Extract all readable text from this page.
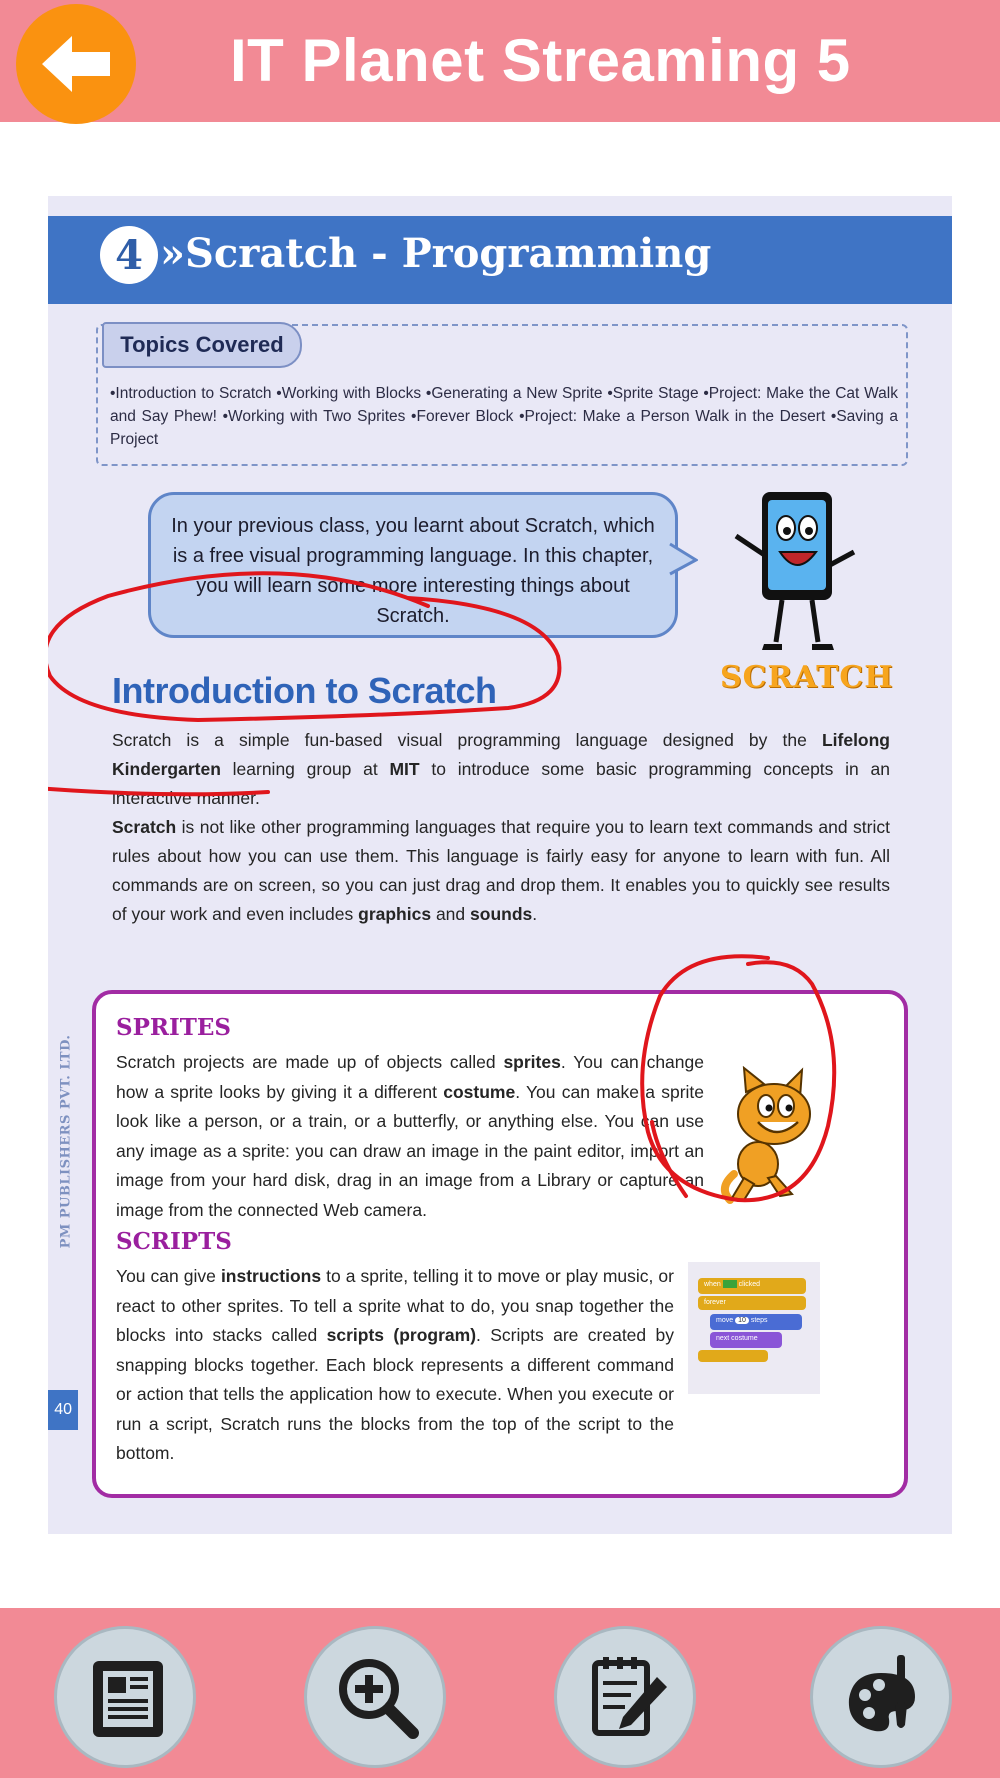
IT Planet Streaming 5
4 »Scratch - Programming
Topics Covered
•Introduction to Scratch •Working with Blocks •Generating a New Sprite •Sprite Stage •Project: Make the Cat Walk and Say Phew! •Working with Two Sprites •Forever Block •Project: Make a Person Walk in the Desert •Saving a Project
In your previous class, you learnt about Scratch, which is a free visual programming language. In this chapter, you will learn some more interesting things about Scratch.
SCRATCH
Introduction to Scratch

Scratch is a simple fun-based visual programming language designed by the Lifelong Kindergarten learning group at MIT to introduce some basic programming concepts in an interactive manner.

Scratch is not like other programming languages that require you to learn text commands and strict rules about how you can use them. This language is fairly easy for anyone to learn with fun. All commands are on screen, so you can just drag and drop them. It enables you to quickly see results of your work and even includes graphics and sounds.

SPRITES
Scratch projects are made up of objects called sprites. You can change how a sprite looks by giving it a different costume. You can make a sprite look like a person, or a train, or a butterfly, or anything else. You can use any image as a sprite: you can draw an image in the paint editor, import an image from your hard disk, drag in an image from a Library or capture an image from the connected Web camera.
SCRIPTS
You can give instructions to a sprite, telling it to move or play music, or react to other sprites. To tell a sprite what to do, you snap together the blocks into stacks called scripts (program). Scripts are created by snapping blocks together. Each block represents a different command or action that tells the application how to execute. When you execute or run a script, Scratch runs the blocks from the top of the script to the bottom.
when	clicked
forever
move 10 steps
next costume
PM PUBLISHERS PVT. LTD.
40
